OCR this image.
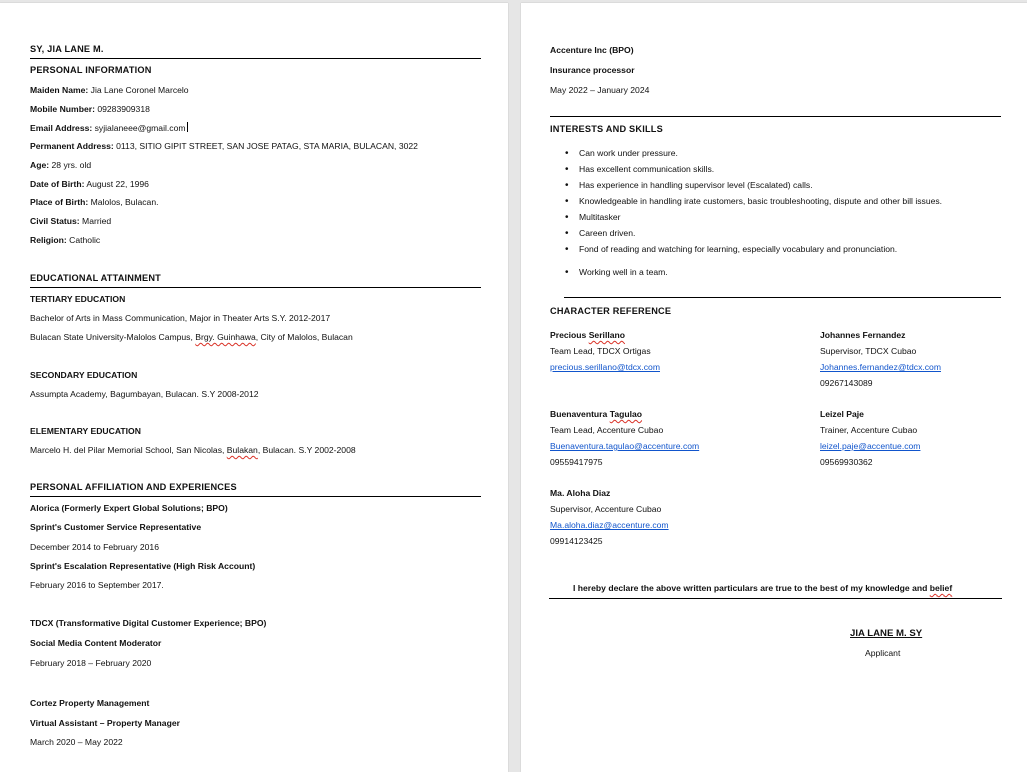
SY, JIA LANE M.
PERSONAL INFORMATION
Maiden Name: Jia Lane Coronel Marcelo
Mobile Number: 09283909318
Email Address: syjialaneee@gmail.com
Permanent Address: 0113, SITIO GIPIT STREET, SAN JOSE PATAG, STA MARIA, BULACAN, 3022
Age: 28 yrs. old
Date of Birth: August 22, 1996
Place of Birth: Malolos, Bulacan.
Civil Status: Married
Religion: Catholic
EDUCATIONAL ATTAINMENT
TERTIARY EDUCATION
Bachelor of Arts in Mass Communication, Major in Theater Arts S.Y. 2012-2017
Bulacan State University-Malolos Campus, Brgy. Guinhawa, City of Malolos, Bulacan
SECONDARY EDUCATION
Assumpta Academy, Bagumbayan, Bulacan. S.Y 2008-2012
ELEMENTARY EDUCATION
Marcelo H. del Pilar Memorial School, San Nicolas, Bulakan, Bulacan. S.Y 2002-2008
PERSONAL AFFILIATION AND EXPERIENCES
Alorica (Formerly Expert Global Solutions; BPO)
Sprint's Customer Service Representative
December 2014 to February 2016
Sprint's Escalation Representative (High Risk Account)
February 2016 to September 2017.
TDCX (Transformative Digital Customer Experience; BPO)
Social Media Content Moderator
February 2018 – February 2020
Cortez Property Management
Virtual Assistant – Property Manager
March 2020 – May 2022
Accenture Inc (BPO)
Insurance processor
May 2022 – January 2024
INTERESTS AND SKILLS
• Can work under pressure.
• Has excellent communication skills.
• Has experience in handling supervisor level (Escalated) calls.
• Knowledgeable in handling irate customers, basic troubleshooting, dispute and other bill issues.
• Multitasker
• Careen driven.
• Fond of reading and watching for learning, especially vocabulary and pronunciation.
• Working well in a team.
CHARACTER REFERENCE
Precious Serillano
Team Lead, TDCX Ortigas
precious.serillano@tdcx.com
Johannes Fernandez
Supervisor, TDCX Cubao
Johannes.fernandez@tdcx.com
09267143089
Buenaventura Tagulao
Team Lead, Accenture Cubao
Buenaventura.tagulao@accenture.com
09559417975
Leizel Paje
Trainer, Accenture Cubao
leizel.paje@accentue.com
09569930362
Ma. Aloha Diaz
Supervisor, Accenture Cubao
Ma.aloha.diaz@accenture.com
09914123425
I hereby declare the above written particulars are true to the best of my knowledge and belief
JIA LANE M. SY
Applicant
